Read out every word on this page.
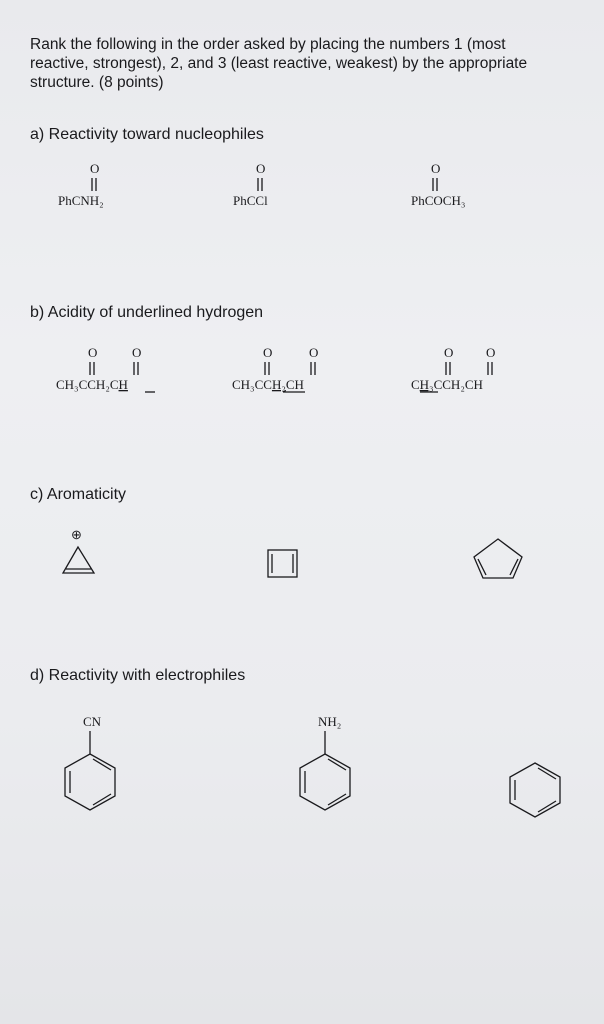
Rank the following in the order asked by placing the numbers 1 (most
reactive, strongest), 2, and 3 (least reactive, weakest) by the appropriate
structure. (8 points)
a) Reactivity toward nucleophiles
O
PhCNH₂
O
PhCCl
O
PhCOCH₃
b) Acidity of underlined hydrogen
O	O
CH₃CCH₂CH
O	O
CH₃CCH₂CH
O	O
CH₃CCH₂CH
c) Aromaticity
⊕
d) Reactivity with electrophiles
CN	NH₂
